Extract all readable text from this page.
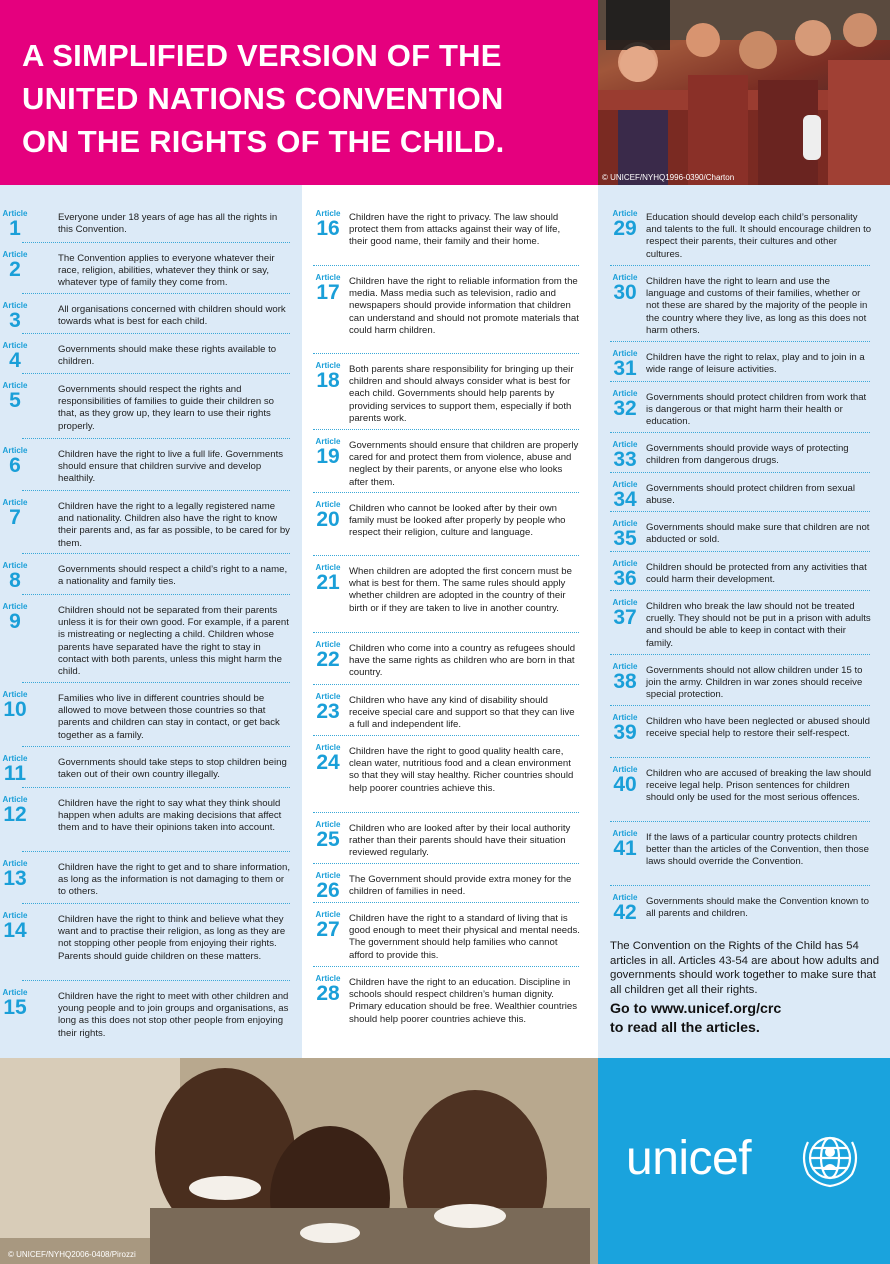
A SIMPLIFIED VERSION OF THE
UNITED NATIONS CONVENTION
ON THE RIGHTS OF THE CHILD.
© UNICEF/NYHQ1996-0390/Charton
Article
1	Everyone under 18 years of age has all the rights in this Convention.
Article
2	The Convention applies to everyone whatever their race, religion, abilities, whatever they think or say, whatever type of family they come from.
Article
3	All organisations concerned with children should work towards what is best for each child.
Article
4	Governments should make these rights available to children.
Article
5	Governments should respect the rights and responsibilities of families to guide their children so that, as they grow up, they learn to use their rights properly.
Article
6	Children have the right to live a full life. Governments should ensure that children survive and develop healthily.
Article
7	Children have the right to a legally registered name and nationality. Children also have the right to know their parents and, as far as possible, to be cared for by them.
Article
8	Governments should respect a child’s right to a name, a nationality and family ties.
Article
9	Children should not be separated from their parents unless it is for their own good. For example, if a parent is mistreating or neglecting a child. Children whose parents have separated have the right to stay in contact with both parents, unless this might harm the child.
Article
10	Families who live in different countries should be allowed to move between those countries so that parents and children can stay in contact, or get back together as a family.
Article
11	Governments should take steps to stop children being taken out of their own country illegally.
Article
12	Children have the right to say what they think should happen when adults are making decisions that affect them and to have their opinions taken into account.
Article
13	Children have the right to get and to share information, as long as the information is not damaging to them or to others.
Article
14	Children have the right to think and believe what they want and to practise their religion, as long as they are not stopping other people from enjoying their rights. Parents should guide children on these matters.
Article
15	Children have the right to meet with other children and young people and to join groups and organisations, as long as this does not stop other people from enjoying their rights.
Article
16 Children have the right to privacy. The law should protect them from attacks against their way of life, their good name, their family and their home.
Article
17 Children have the right to reliable information from the media. Mass media such as television, radio and newspapers should provide information that children can understand and should not promote materials that could harm children.
Article
18 Both parents share responsibility for bringing up their children and should always consider what is best for each child. Governments should help parents by providing services to support them, especially if both parents work.
Article
19 Governments should ensure that children are properly cared for and protect them from violence, abuse and neglect by their parents, or anyone else who looks after them.
Article
20 Children who cannot be looked after by their own family must be looked after properly by people who respect their religion, culture and language.
Article
21 When children are adopted the first concern must be what is best for them. The same rules should apply whether children are adopted in the country of their birth or if they are taken to live in another country.
Article
22 Children who come into a country as refugees should have the same rights as children who are born in that country.
Article
23 Children who have any kind of disability should receive special care and support so that they can live a full and independent life.
Article
24 Children have the right to good quality health care, clean water, nutritious food and a clean environment so that they will stay healthy. Richer countries should help poorer countries achieve this.
Article
25 Children who are looked after by their local authority rather than their parents should have their situation reviewed regularly.
Article
26 The Government should provide extra money for the children of families in need.
Article
27 Children have the right to a standard of living that is good enough to meet their physical and mental needs. The government should help families who cannot afford to provide this.
Article
28 Children have the right to an education. Discipline in schools should respect children’s human dignity. Primary education should be free. Wealthier countries should help poorer countries achieve this.
Article
29 Education should develop each child’s personality and talents to the full. It should encourage children to respect their parents, their cultures and other cultures.
Article
30 Children have the right to learn and use the language and customs of their families, whether or not these are shared by the majority of the people in the country where they live, as long as this does not harm others.
Article
31 Children have the right to relax, play and to join in a wide range of leisure activities.
Article
32 Governments should protect children from work that is dangerous or that might harm their health or education.
Article
33 Governments should provide ways of protecting children from dangerous drugs.
Article
34 Governments should protect children from sexual abuse.
Article
35 Governments should make sure that children are not abducted or sold.
Article
36 Children should be protected from any activities that could harm their development.
Article
37 Children who break the law should not be treated cruelly. They should not be put in a prison with adults and should be able to keep in contact with their family.
Article
38 Governments should not allow children under 15 to join the army. Children in war zones should receive special protection.
Article
39 Children who have been neglected or abused should receive special help to restore their self-respect.
Article
40 Children who are accused of breaking the law should receive legal help. Prison sentences for children should only be used for the most serious offences.
Article
41 If the laws of a particular country protects children better than the articles of the Convention, then those laws should override the Convention.
Article
42 Governments should make the Convention known to all parents and children.

The Convention on the Rights of the Child has 54 articles in all. Articles 43-54 are about how adults and governments should work together to make sure that all children get all their rights.

Go to www.unicef.org/crc
to read all the articles.
© UNICEF/NYHQ2006-0408/Pirozzi
unicef
